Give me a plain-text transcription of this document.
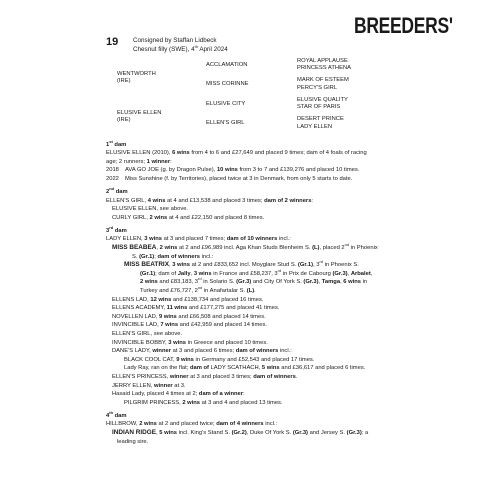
BREEDERS'
19 Consigned by Staffan Lidbeck
Chesnut filly (SWE), 4th April 2024
WENTWORTH
(IRE)
ELUSIVE ELLEN
(IRE)
ACCLAMATION
MISS CORINNE
ELUSIVE CITY
ELLEN'S GIRL
ROYAL APPLAUSE
PRINCESS ATHENA
MARK OF ESTEEM
PERCY'S GIRL
ELUSIVE QUALITY
STAR OF PARIS
DESERT PRINCE
LADY ELLEN

1st dam

ELUSIVE ELLEN (2010), 6 wins from 4 to 6 and £27,649 and placed 9 times; dam of 4 foals of racing

age; 2 runners; 1 winner:

2018 AVA GO JOE (g. by Dragon Pulse), 10 wins from 3 to 7 and £139,276 and placed 10 times.

2022 Miss Sunshine (f. by Territories), placed twice at 3 in Denmark, from only 5 starts to date.

2nd dam

ELLEN'S GIRL, 4 wins at 4 and £13,538 and placed 3 times; dam of 2 winners:

ELUSIVE ELLEN, see above.

CURLY GIRL, 2 wins at 4 and £22,150 and placed 8 times.

3rd dam

LADY ELLEN, 3 wins at 3 and placed 7 times; dam of 10 winners incl.:

MISS BEABEA, 2 wins at 2 and £96,989 incl. Aga Khan Studs Blenheim S. (L), placed 2nd in Phoenix

S. (Gr.1); dam of winners incl.:

MISS BEATRIX, 3 wins at 2 and £833,652 incl. Moyglare Stud S. (Gr.1), 3rd in Phoenix S.

(Gr.1); dam of Jally, 3 wins in France and £58,237, 3rd in Prix de Cabourg (Gr.3), Arbalet,

2 wins and £83,183, 3rd in Solario S. (Gr.3) and City Of York S. (Gr.3), Tamga, 6 wins in

Turkey and £76,727, 2nd in Anafartalar S. (L).

ELLENS LAD, 12 wins and £138,734 and placed 16 times.

ELLENS ACADEMY, 11 wins and £177,275 and placed 41 times.

NOVELLEN LAD, 9 wins and £66,508 and placed 14 times.

INVINCIBLE LAD, 7 wins and £42,959 and placed 14 times.

ELLEN'S GIRL, see above.

INVINCIBLE BOBBY, 3 wins in Greece and placed 10 times.

DANE'S LADY, winner at 3 and placed 6 times; dam of winners incl.:

BLACK COOL CAT, 9 wins in Germany and £52,543 and placed 17 times.

Lady Ray, ran on the flat; dam of LADY SCATHACH, 5 wins and £36,617 and placed 6 times.

ELLEN'S PRINCESS, winner at 3 and placed 3 times; dam of winners.

JERRY ELLEN, winner at 3.

Hasaid Lady, placed 4 times at 2; dam of a winner:

PILGRIM PRINCESS, 2 wins at 3 and 4 and placed 13 times.

4th dam

HILLBROW, 2 wins at 2 and placed twice; dam of 4 winners incl.:

INDIAN RIDGE, 5 wins incl. King's Stand S. (Gr.2), Duke Of York S. (Gr.3) and Jersey S. (Gr.3); a

leading sire.
